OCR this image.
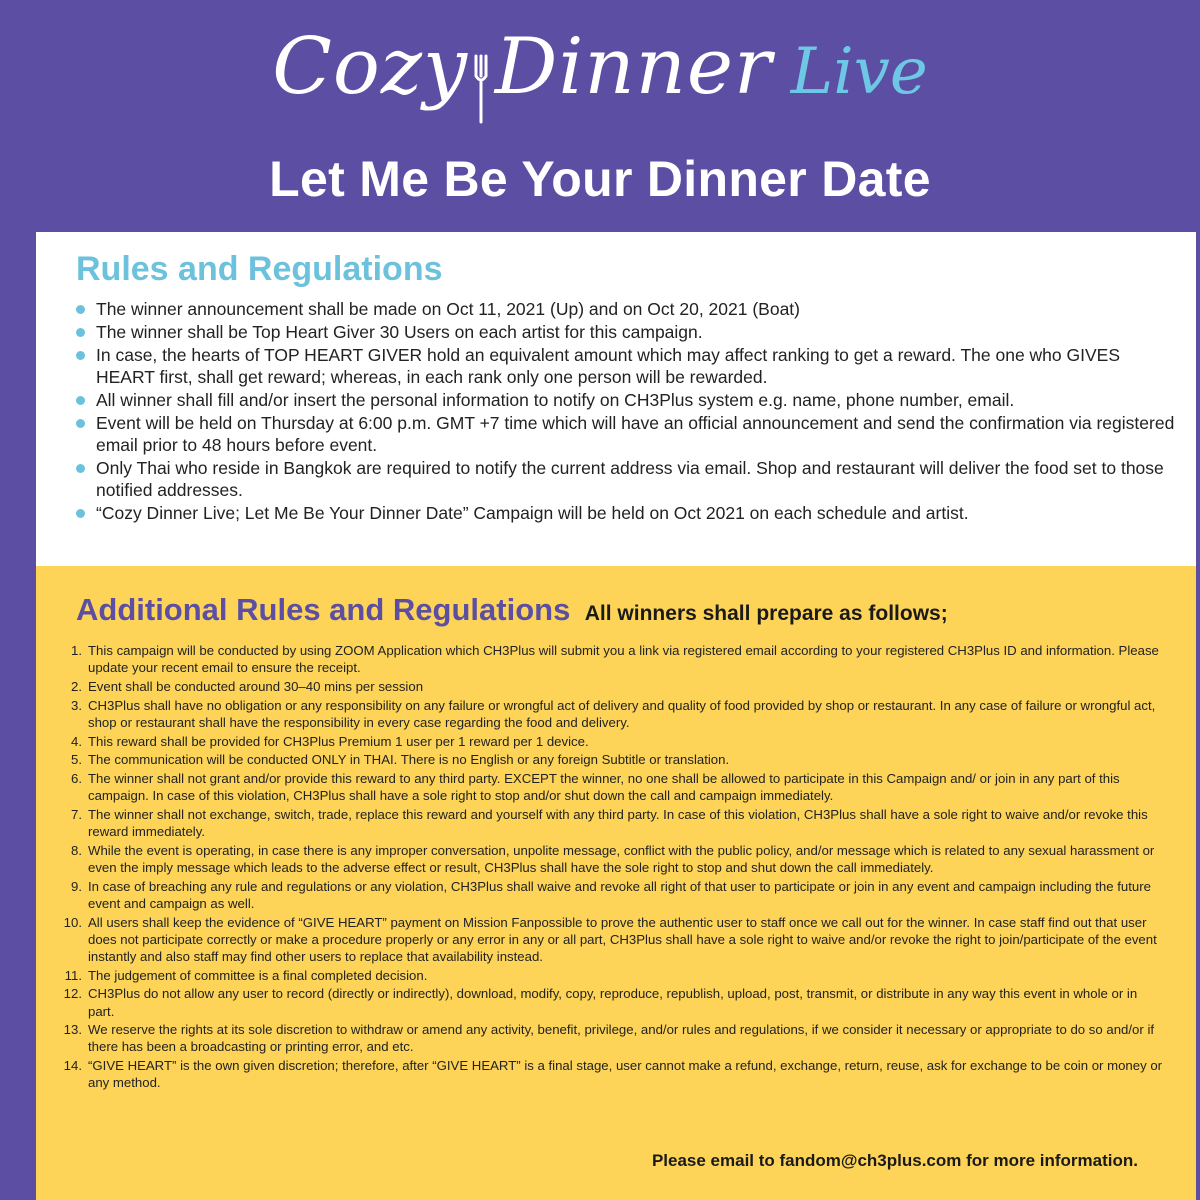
Cozy Dinner Live
Let Me Be Your Dinner Date
Rules and Regulations
The winner announcement shall be made on Oct 11, 2021 (Up) and on Oct 20, 2021 (Boat)
The winner shall be Top Heart Giver 30 Users on each artist for this campaign.
In case, the hearts of TOP HEART GIVER hold an equivalent amount which may affect ranking to get a reward. The one who GIVES HEART first, shall get reward; whereas, in each rank only one person will be rewarded.
All winner shall fill and/or insert the personal information to notify on CH3Plus system e.g. name, phone number, email.
Event will be held on Thursday at 6:00 p.m. GMT +7 time which will have an official announcement and send the confirmation via registered email prior to 48 hours before event.
Only Thai who reside in Bangkok are required to notify the current address via email. Shop and restaurant will deliver the food set to those notified addresses.
“Cozy Dinner Live; Let Me Be Your Dinner Date” Campaign will be held on Oct 2021 on each schedule and artist.
Additional Rules and Regulations All winners shall prepare as follows;
1. This campaign will be conducted by using ZOOM Application which CH3Plus will submit you a link via registered email according to your registered CH3Plus ID and information. Please update your recent email to ensure the receipt.
2. Event shall be conducted around 30–40 mins per session
3. CH3Plus shall have no obligation or any responsibility on any failure or wrongful act of delivery and quality of food provided by shop or restaurant. In any case of failure or wrongful act, shop or restaurant shall have the responsibility in every case regarding the food and delivery.
4. This reward shall be provided for CH3Plus Premium 1 user per 1 reward per 1 device.
5. The communication will be conducted ONLY in THAI. There is no English or any foreign Subtitle or translation.
6. The winner shall not grant and/or provide this reward to any third party. EXCEPT the winner, no one shall be allowed to participate in this Campaign and/ or join in any part of this campaign. In case of this violation, CH3Plus shall have a sole right to stop and/or shut down the call and campaign immediately.
7. The winner shall not exchange, switch, trade, replace this reward and yourself with any third party. In case of this violation, CH3Plus shall have a sole right to waive and/or revoke this reward immediately.
8. While the event is operating, in case there is any improper conversation, unpolite message, conflict with the public policy, and/or message which is related to any sexual harassment or even the imply message which leads to the adverse effect or result, CH3Plus shall have the sole right to stop and shut down the call immediately.
9. In case of breaching any rule and regulations or any violation, CH3Plus shall waive and revoke all right of that user to participate or join in any event and campaign including the future event and campaign as well.
10. All users shall keep the evidence of “GIVE HEART” payment on Mission Fanpossible to prove the authentic user to staff once we call out for the winner. In case staff find out that user does not participate correctly or make a procedure properly or any error in any or all part, CH3Plus shall have a sole right to waive and/or revoke the right to join/participate of the event instantly and also staff may find other users to replace that availability instead.
11. The judgement of committee is a final completed decision.
12. CH3Plus do not allow any user to record (directly or indirectly), download, modify, copy, reproduce, republish, upload, post, transmit, or distribute in any way this event in whole or in part.
13. We reserve the rights at its sole discretion to withdraw or amend any activity, benefit, privilege, and/or rules and regulations, if we consider it necessary or appropriate to do so and/or if there has been a broadcasting or printing error, and etc.
14. “GIVE HEART” is the own given discretion; therefore, after “GIVE HEART” is a final stage, user cannot make a refund, exchange, return, reuse, ask for exchange to be coin or money or any method.
Please email to fandom@ch3plus.com for more information.
